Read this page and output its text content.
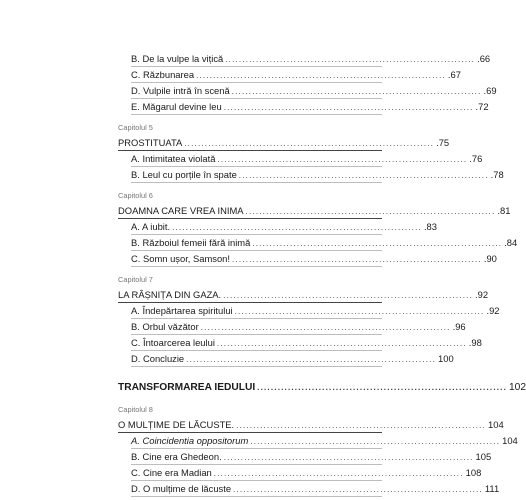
B. De la vulpe la vițică ......................................................................... .66
C. Răzbunarea ......................................................................... .67
D. Vulpile intră în scenă ......................................................................... .69
E. Măgarul devine leu ......................................................................... .72
Capitolul 5
PROSTITUATA ......................................................................... .75
A. Intimitatea violată ......................................................................... .76
B. Leul cu porțile în spate ......................................................................... .78
Capitolul 6
DOAMNA CARE VREA INIMA ......................................................................... .81
A. A iubit. ......................................................................... .83
B. Războiul femeii fără inimă ......................................................................... .84
C. Somn ușor, Samson! ......................................................................... .90
Capitolul 7
LA RÂȘNIȚA DIN GAZA. ......................................................................... .92
A. Îndepărtarea spiritului ......................................................................... .92
B. Orbul văzător ......................................................................... .96
C. Întoarcerea leului ......................................................................... .98
D. Concluzie ......................................................................... 100
TRANSFORMAREA IEDULUI ......................................................................... 102
Capitolul 8
O MULȚIME DE LĂCUSTE. ......................................................................... 104
A. Coincidentia oppositorum ......................................................................... 104
B. Cine era Ghedeon. ......................................................................... 105
C. Cine era Madian ......................................................................... 108
D. O mulțime de lăcuste ......................................................................... 111
